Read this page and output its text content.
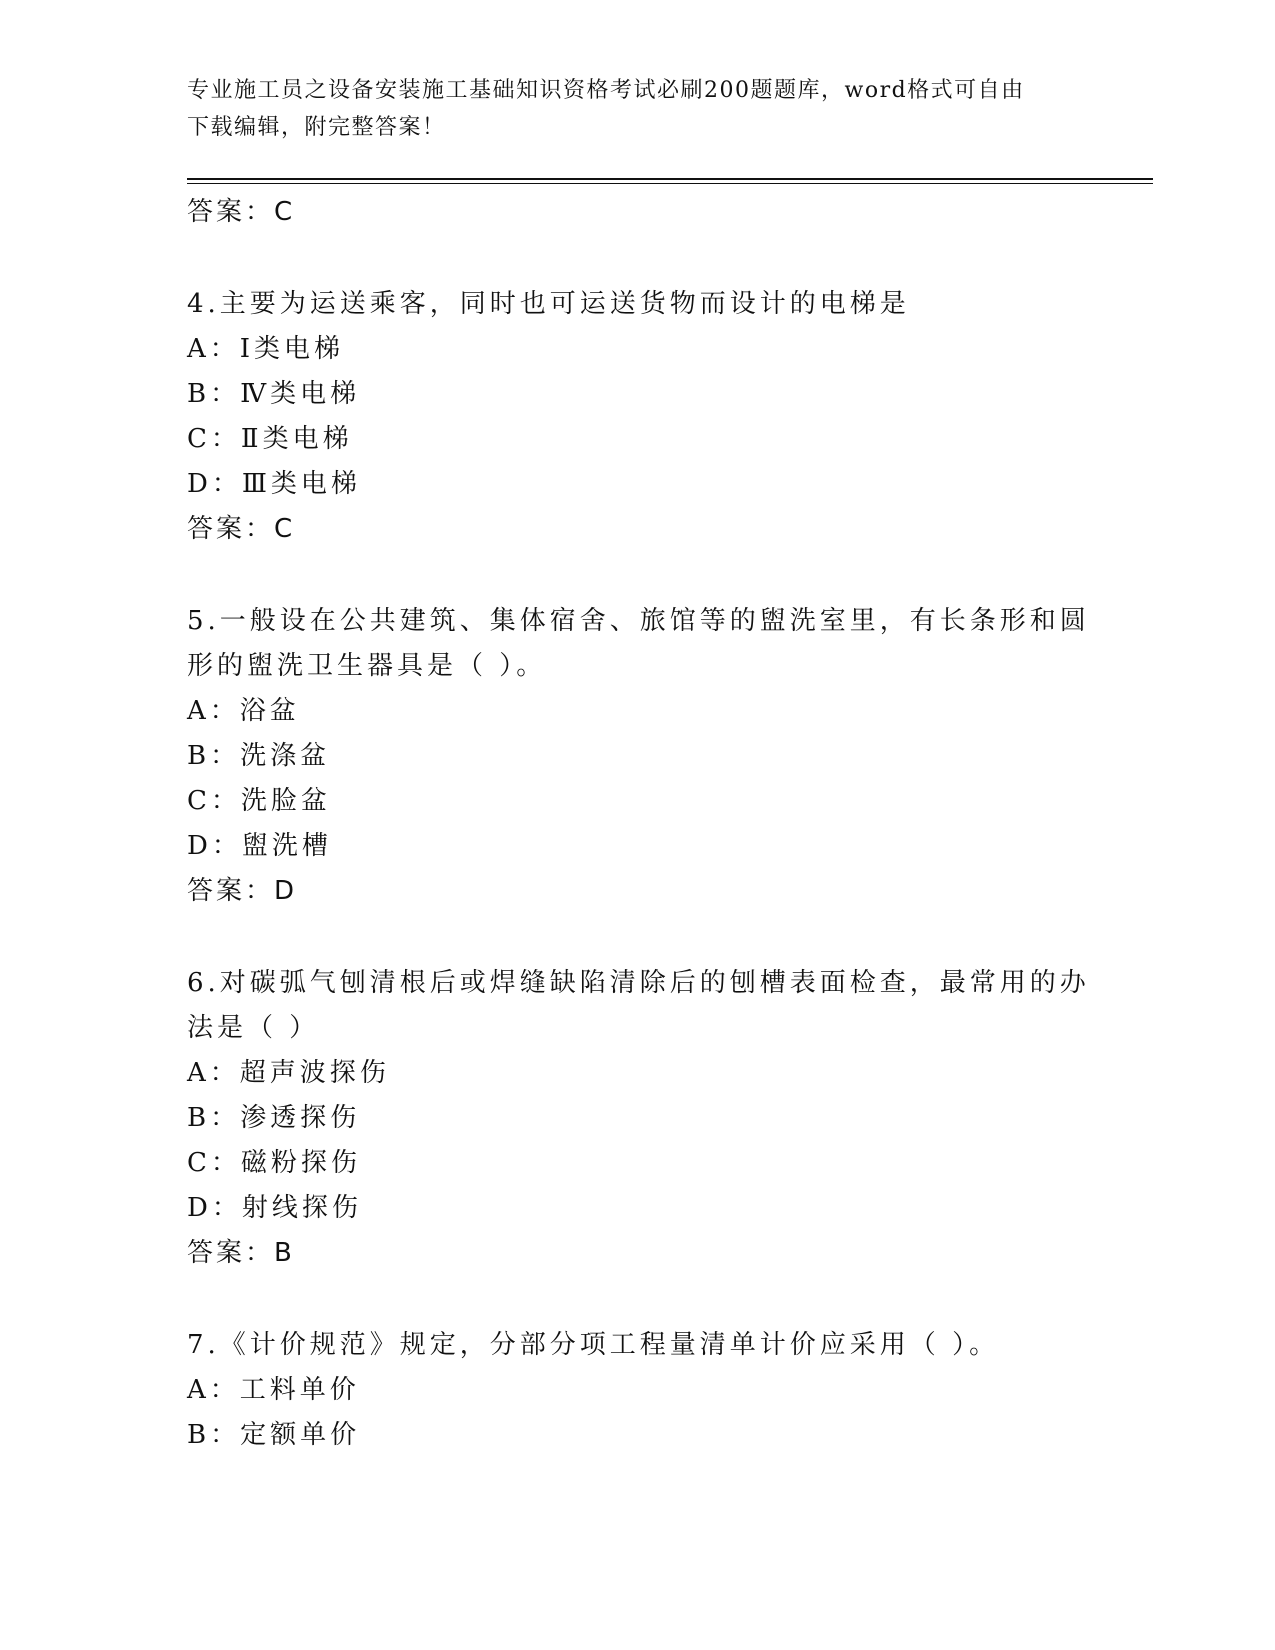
专业施工员之设备安装施工基础知识资格考试必刷200题题库，word格式可自由
下载编辑，附完整答案！
答案：C
4.主要为运送乘客，同时也可运送货物而设计的电梯是
A：Ⅰ类电梯
B：Ⅳ类电梯
C：Ⅱ类电梯
D：Ⅲ类电梯
答案：C
5.一般设在公共建筑、集体宿舍、旅馆等的盥洗室里，有长条形和圆
形的盥洗卫生器具是（ ）。
A：浴盆
B：洗涤盆
C：洗脸盆
D：盥洗槽
答案：D
6.对碳弧气刨清根后或焊缝缺陷清除后的刨槽表面检查，最常用的办
法是（ ）
A：超声波探伤
B：渗透探伤
C：磁粉探伤
D：射线探伤
答案：B
7.《计价规范》规定，分部分项工程量清单计价应采用（ ）。
A：工料单价
B：定额单价
